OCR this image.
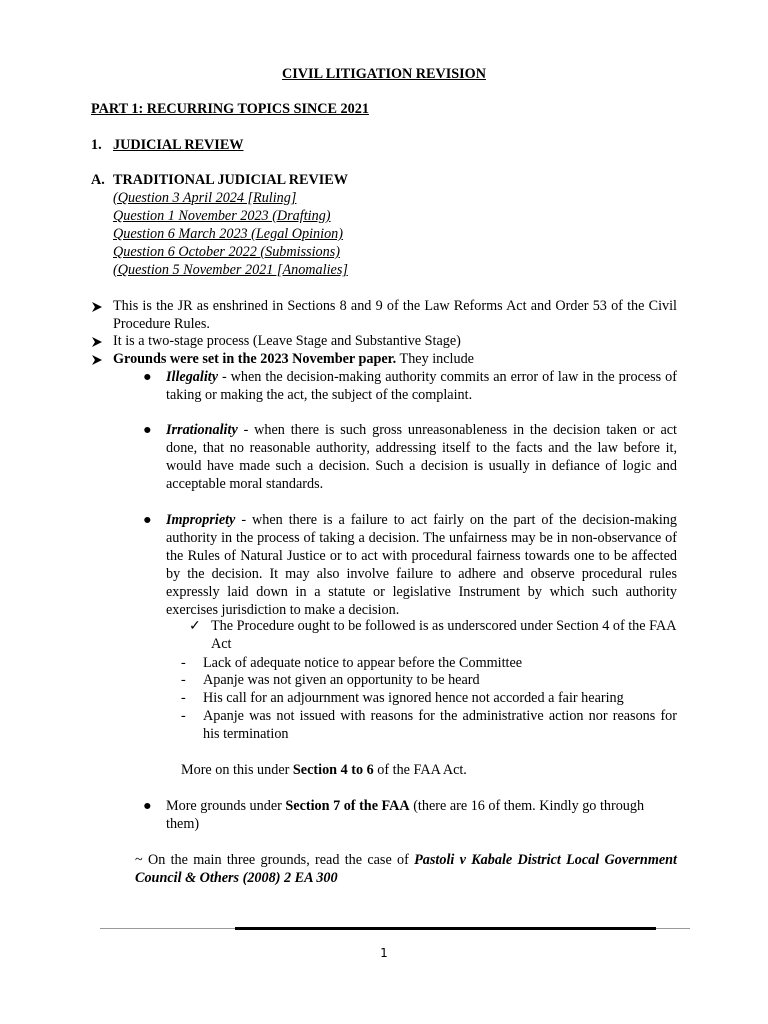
CIVIL LITIGATION REVISION
PART 1: RECURRING TOPICS SINCE 2021
1. JUDICIAL REVIEW
A. TRADITIONAL JUDICIAL REVIEW
(Question 3 April 2024 [Ruling]
Question 1 November 2023 (Drafting)
Question 6 March 2023 (Legal Opinion)
Question 6 October 2022 (Submissions)
(Question 5 November 2021 [Anomalies]
This is the JR as enshrined in Sections 8 and 9 of the Law Reforms Act and Order 53 of the Civil Procedure Rules.
It is a two-stage process (Leave Stage and Substantive Stage)
Grounds were set in the 2023 November paper. They include
● Illegality - when the decision-making authority commits an error of law in the process of taking or making the act, the subject of the complaint.
● Irrationality - when there is such gross unreasonableness in the decision taken or act done, that no reasonable authority, addressing itself to the facts and the law before it, would have made such a decision. Such a decision is usually in defiance of logic and acceptable moral standards.
● Impropriety - when there is a failure to act fairly on the part of the decision-making authority in the process of taking a decision. The unfairness may be in non-observance of the Rules of Natural Justice or to act with procedural fairness towards one to be affected by the decision. It may also involve failure to adhere and observe procedural rules expressly laid down in a statute or legislative Instrument by which such authority exercises jurisdiction to make a decision.
✓ The Procedure ought to be followed is as underscored under Section 4 of the FAA Act
- Lack of adequate notice to appear before the Committee
- Apanje was not given an opportunity to be heard
- His call for an adjournment was ignored hence not accorded a fair hearing
- Apanje was not issued with reasons for the administrative action nor reasons for his termination
More on this under Section 4 to 6 of the FAA Act.
● More grounds under Section 7 of the FAA (there are 16 of them. Kindly go through them)
~ On the main three grounds, read the case of Pastoli v Kabale District Local Government Council & Others (2008) 2 EA 300
1
